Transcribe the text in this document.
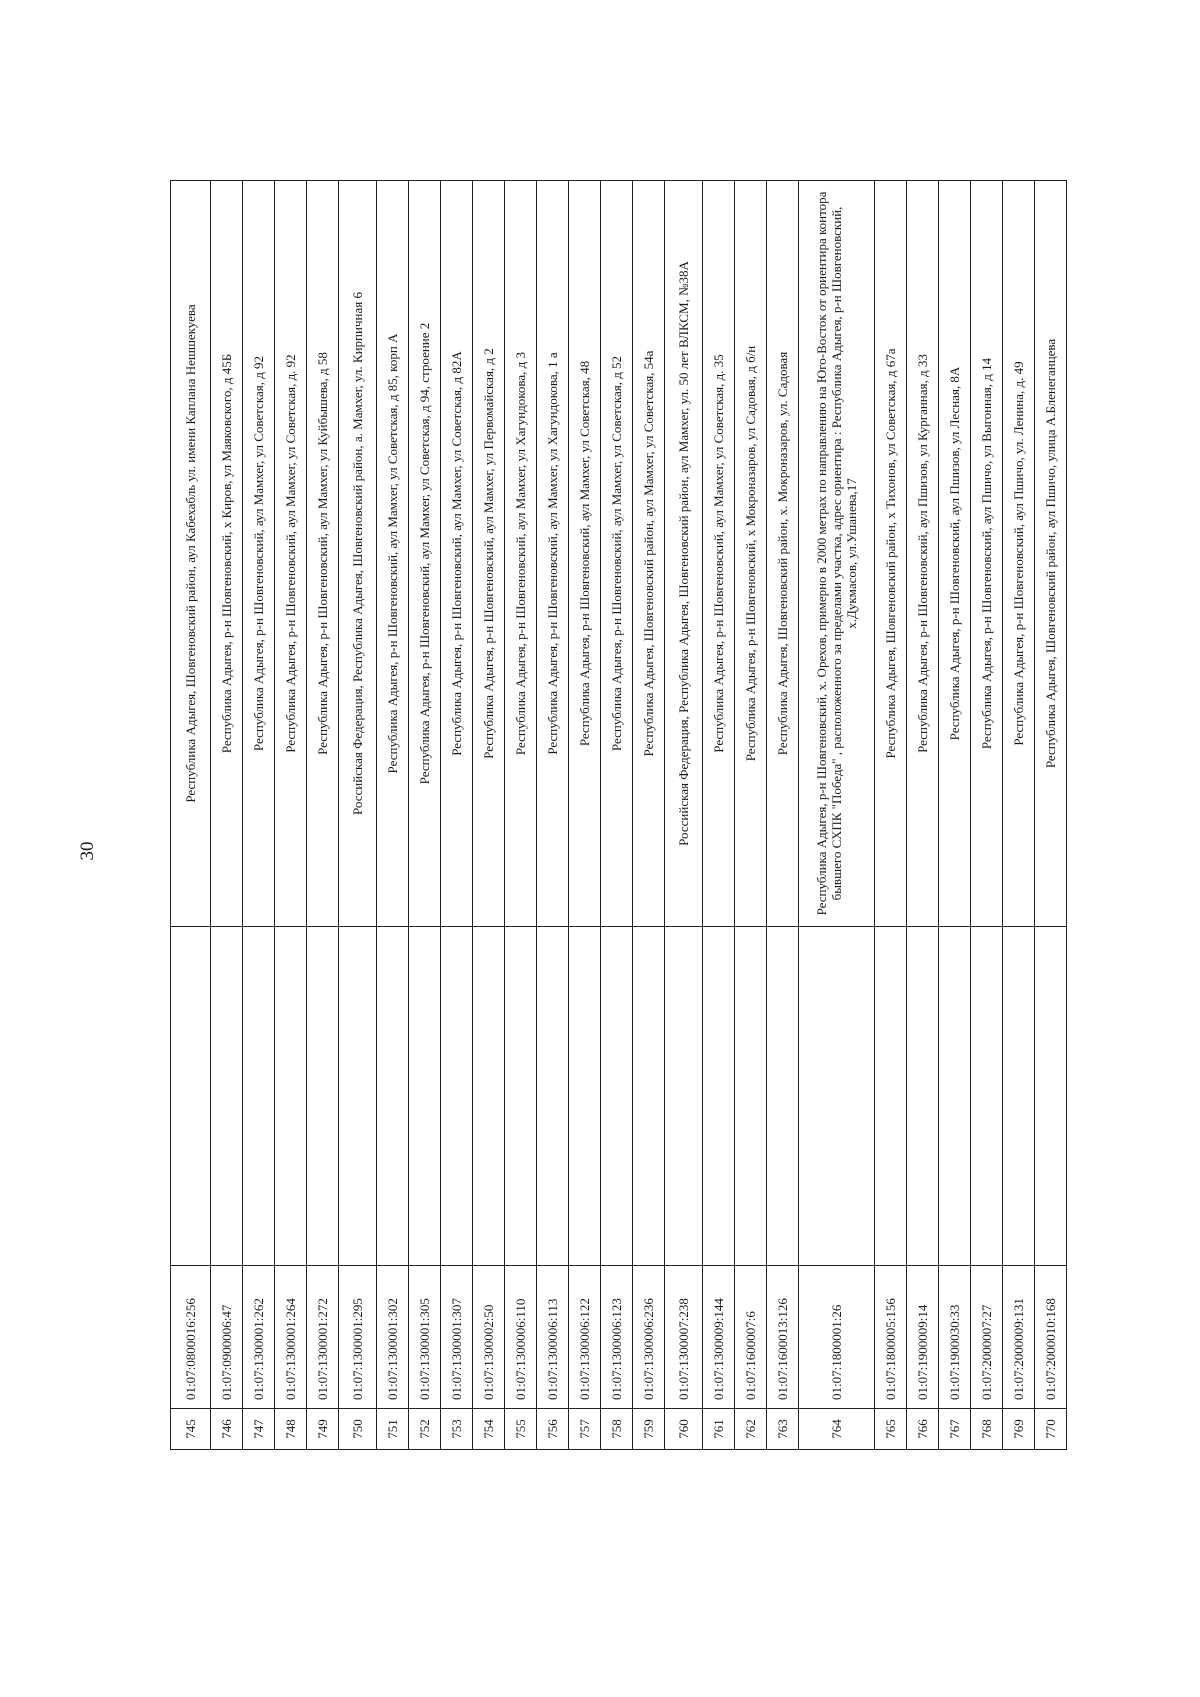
30
745	01:07:0800016:256		Республика Адыгея, Шовгеновский район, аул Кабехабль ул. имени Каплана Нешшекуева
746	01:07:0900006:47		Республика Адыгея, р-н Шовгеновский, х Киров, ул Маяковского, д 45Б
747	01:07:1300001:262		Республика Адыгея, р-н Шовгеновский, аул Мамхег, ул Советская, д 92
748	01:07:1300001:264		Республика Адыгея, р-н Шовгеновский, аул Мамхег, ул Советская, д. 92
749	01:07:1300001:272		Республика Адыгея, р-н Шовгеновский, аул Мамхег, ул Куйбышева, д 58
750	01:07:1300001:295		Российская Федерация, Республика Адыгея, Шовгеновский район, а. Мамхег, ул. Кирпичная 6
751	01:07:1300001:302		Республика Адыгея, р-н Шовгеновский, аул Мамхег, ул Советская, д 85, корп А
752	01:07:1300001:305		Республика Адыгея, р-н Шовгеновский, аул Мамхег, ул Советская, д 94, строение 2
753	01:07:1300001:307		Республика Адыгея, р-н Шовгеновский, аул Мамхег, ул Советская, д 82А
754	01:07:1300002:50		Республика Адыгея, р-н Шовгеновский, аул Мамхег, ул Первомайская, д 2
755	01:07:1300006:110		Республика Адыгея, р-н Шовгеновский, аул Мамхег, ул Хагундокова, д 3
756	01:07:1300006:113		Республика Адыгея, р-н Шовгеновский, аул Мамхег, ул Хагундокова, 1 а
757	01:07:1300006:122		Республика Адыгея, р-н Шовгеновский, аул Мамхег, ул Советская, 48
758	01:07:1300006:123		Республика Адыгея, р-н Шовгеновский, аул Мамхег, ул Советская, д 52
759	01:07:1300006:236		Республика Адыгея, Шовгеновский район, аул Мамхег, ул Советская, 54а
760	01:07:1300007:238		Российская Федерация, Республика Адыгея, Шовгеновский район, аул Мамхег, ул. 50 лет ВЛКСМ, №38А
761	01:07:1300009:144		Республика Адыгея, р-н Шовгеновский, аул Мамхег, ул Советская, д. 35
762	01:07:1600007:6		Республика Адыгея, р-н Шовгеновский, х Мокроназаров, ул Садовая, д б/н
763	01:07:1600013:126		Республика Адыгея, Шовгеновский район, х. Мокроназаров, ул. Садовая
764	01:07:1800001:26		Республика Адыгея, р-н Шовгеновский, х. Орехов, примерно в 2000 метрах по направлению на Юго-Восток от ориентира контора бывшего СХПК "Победа" , расположенного за пределами участка, адрес ориентира : Республика Адыгея, р-н Шовгеновский, х.Дукмасов, ул.Ушанева,17
765	01:07:1800005:156		Республика Адыгея, Шовгеновский район, х Тихонов, ул Советская, д 67а
766	01:07:1900009:14		Республика Адыгея, р-н Шовгеновский, аул Пшизов, ул Курганная, д 33
767	01:07:1900030:33		Республика Адыгея, р-н Шовгеновский, аул Пшизов, ул Лесная, 8А
768	01:07:2000007:27		Республика Адыгея, р-н Шовгеновский, аул Пшичо, ул Выгонная, д 14
769	01:07:2000009:131		Республика Адыгея, р-н Шовгеновский, аул Пшичо, ул. Ленина, д. 49
770	01:07:2000010:168		Республика Адыгея, Шовгеновский район, аул Пшичо, улица А.Бленеганцева
